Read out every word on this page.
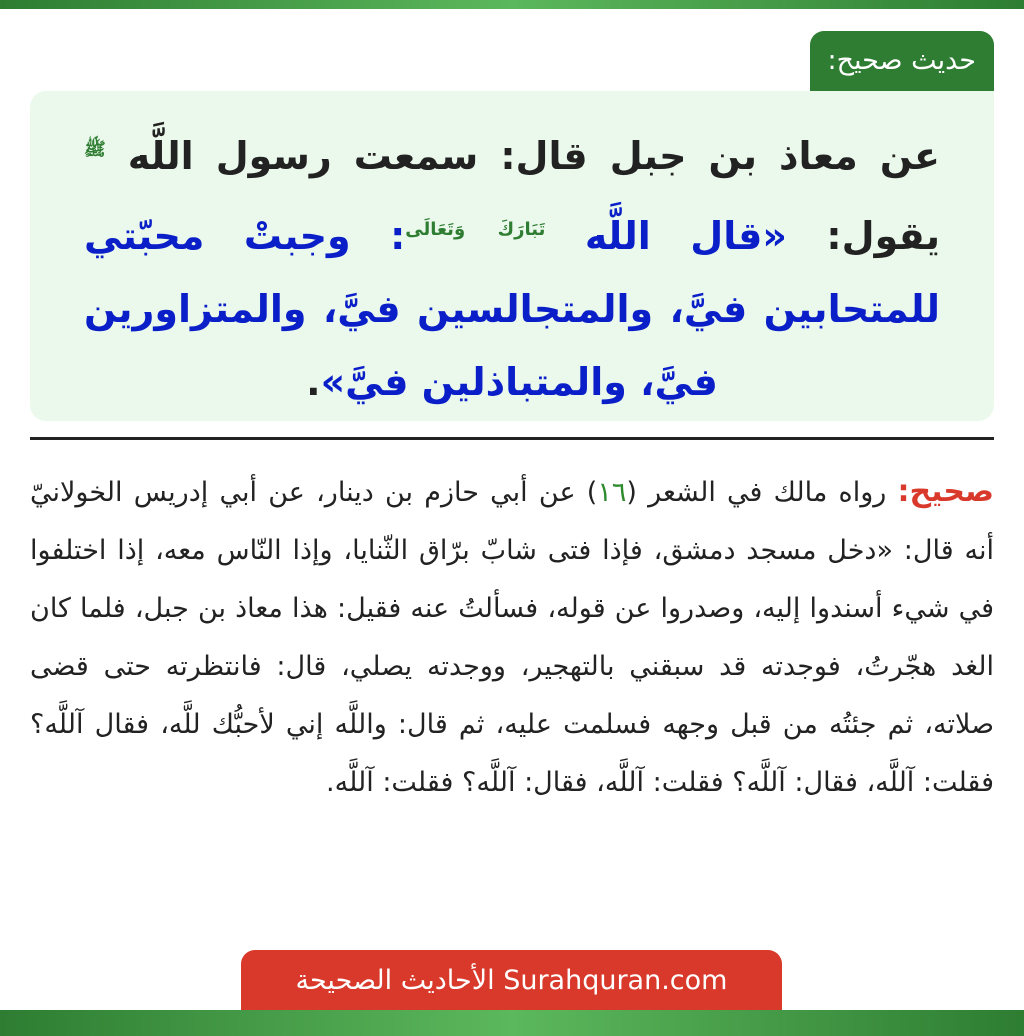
حديث صحيح:
عن معاذ بن جبل قال: سمعت رسول اللَّه $^ﷺ$ يقول: «قال اللَّه $^{تَبَارَكَ وَتَعَالَى}$: وجبتْ محبّتي للمتحابين فيَّ، والمتجالسين فيَّ، والمتزاورين فيَّ، والمتباذلين فيَّ».
صحيح: رواه مالك في الشعر (١٦) عن أبي حازم بن دينار، عن أبي إدريس الخولانيّ أنه قال: «دخل مسجد دمشق، فإذا فتى شابّ برّاق الثّنايا، وإذا النّاس معه، إذا اختلفوا في شيء أسندوا إليه، وصدروا عن قوله، فسألتُ عنه فقيل: هذا معاذ بن جبل، فلما كان الغد هجّرتُ، فوجدته قد سبقني بالتهجير، ووجدته يصلي، قال: فانتظرته حتى قضى صلاته، ثم جئتُه من قبل وجهه فسلمت عليه، ثم قال: واللَّه إني لأحبُّك للَّه، فقال آللَّه؟ فقلت: آللَّه، فقال: آللَّه؟ فقلت: آللَّه، فقال: آللَّه؟ فقلت: آللَّه.
الأحاديث الصحيحة Surahquran.com
